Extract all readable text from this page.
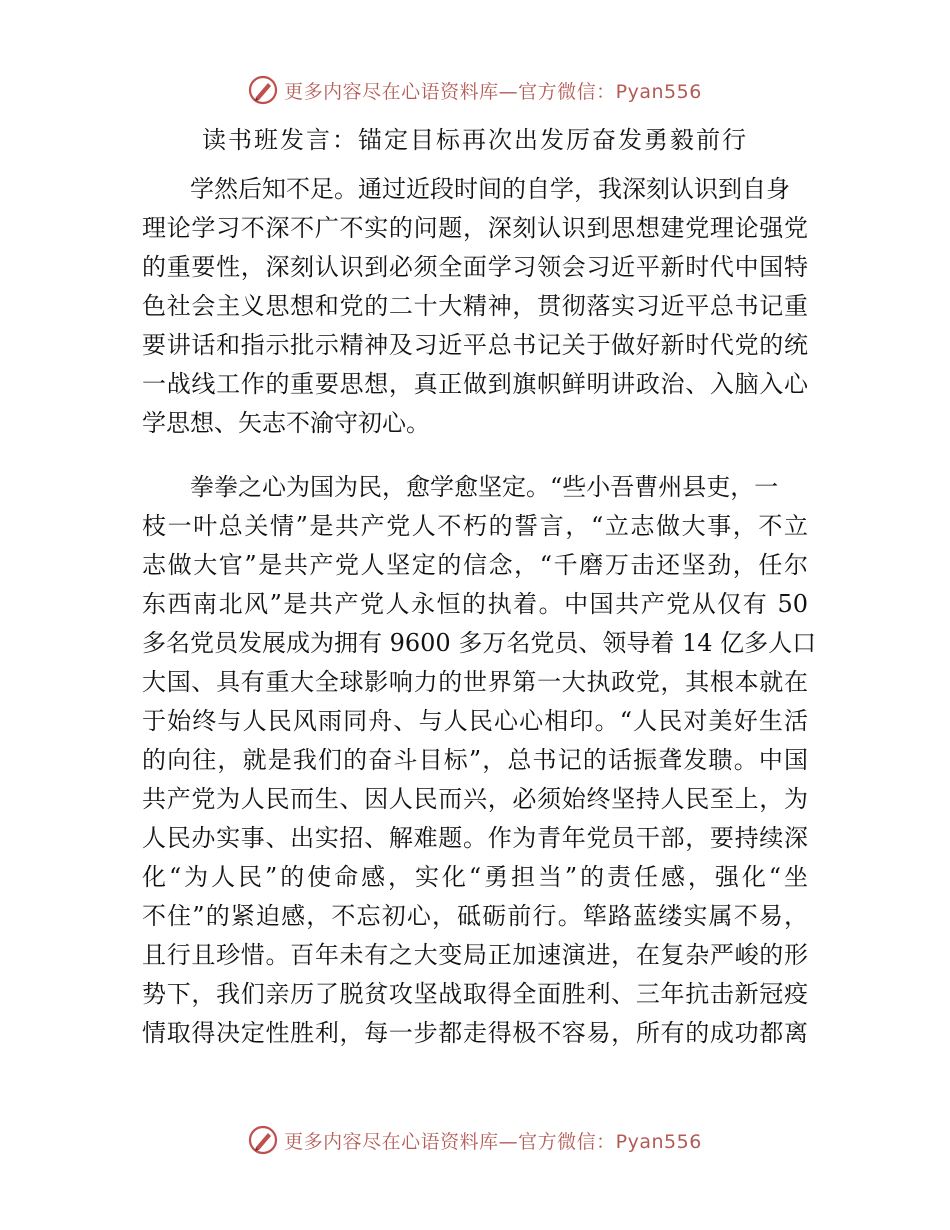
更多内容尽在心语资料库—官方微信：Pyan556
读书班发言：锚定目标再次出发厉奋发勇毅前行
学然后知不足。通过近段时间的自学，我深刻认识到自身
理论学习不深不广不实的问题，深刻认识到思想建党理论强党
的重要性，深刻认识到必须全面学习领会习近平新时代中国特
色社会主义思想和党的二十大精神，贯彻落实习近平总书记重
要讲话和指示批示精神及习近平总书记关于做好新时代党的统
一战线工作的重要思想，真正做到旗帜鲜明讲政治、入脑入心
学思想、矢志不渝守初心。
拳拳之心为国为民，愈学愈坚定。“些小吾曹州县吏，一
枝一叶总关情”是共产党人不朽的誓言，“立志做大事，不立
志做大官”是共产党人坚定的信念，“千磨万击还坚劲，任尔
东西南北风”是共产党人永恒的执着。中国共产党从仅有 50
多名党员发展成为拥有 9600 多万名党员、领导着 14 亿多人口
大国、具有重大全球影响力的世界第一大执政党，其根本就在
于始终与人民风雨同舟、与人民心心相印。“人民对美好生活
的向往，就是我们的奋斗目标”，总书记的话振聋发聩。中国
共产党为人民而生、因人民而兴，必须始终坚持人民至上，为
人民办实事、出实招、解难题。作为青年党员干部，要持续深
化“为人民”的使命感，实化“勇担当”的责任感，强化“坐
不住”的紧迫感，不忘初心，砥砺前行。筚路蓝缕实属不易，
且行且珍惜。百年未有之大变局正加速演进，在复杂严峻的形
势下，我们亲历了脱贫攻坚战取得全面胜利、三年抗击新冠疫
情取得决定性胜利，每一步都走得极不容易，所有的成功都离
更多内容尽在心语资料库—官方微信：Pyan556
